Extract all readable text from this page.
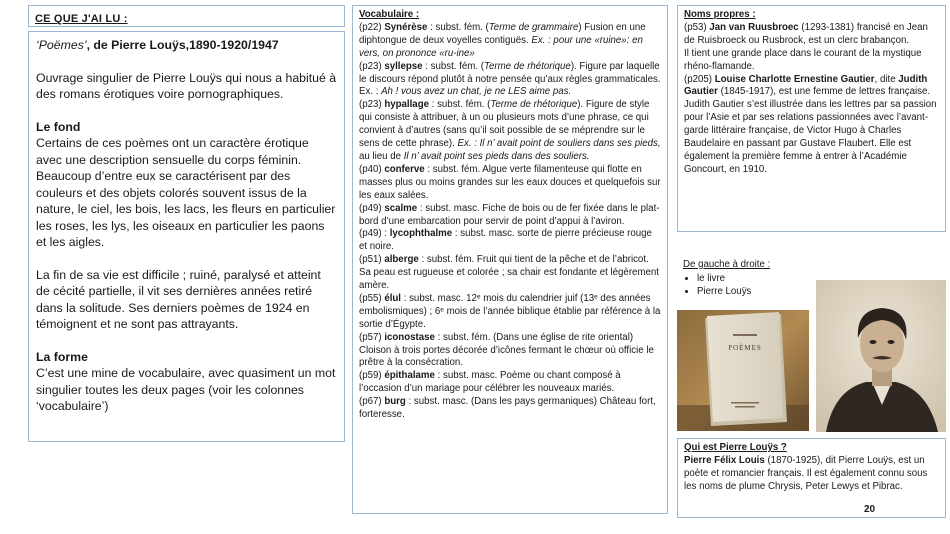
CE QUE J'AI LU :

‘Poëmes’, de Pierre Louÿs,1890-1920/1947

Ouvrage singulier de Pierre Louÿs qui nous a habitué à des romans érotiques voire pornographiques.

Le fond

Certains de ces poèmes ont un caractère érotique avec une description sensuelle du corps féminin. Beaucoup d’entre eux se caractérisent par des couleurs et des objets colorés souvent issus de la nature, le ciel, les bois, les lacs, les fleurs en particulier les roses, les lys, les oiseaux en particulier les paons et les aigles.

La fin de sa vie est difficile ; ruiné, paralysé et atteint de cécité partielle, il vit ses dernières années retiré dans la solitude. Ses derniers poèmes de 1924 en témoignent et ne sont pas attrayants.

La forme

C’est une mine de vocabulaire, avec quasiment un mot singulier toutes les deux pages (voir les colonnes ‘vocabulaire’)

Vocabulaire :

(p22) Synérèse : subst. fém. (Terme de grammaire) Fusion en une diphtongue de deux voyelles contiguës. Ex. : pour une «ruine»: en vers, on prononce «ru-ine»

(p23) syllepse : subst. fém. (Terme de rhétorique). Figure par laquelle le discours répond plutôt à notre pensée qu’aux règles grammaticales. Ex. : Ah ! vous avez un chat, je ne LES aime pas.

(p23) hypallage : subst. fém. (Terme de rhétorique). Figure de style qui consiste à attribuer, à un ou plusieurs mots d’une phrase, ce qui convient à d’autres (sans qu’il soit possible de se méprendre sur le sens de cette phrase). Ex. : Il n’ avait point de souliers dans ses pieds, au lieu de Il n’ avait point ses pieds dans des souliers.

(p40) conferve : subst. fém. Algue verte filamenteuse qui flotte en masses plus ou moins grandes sur les eaux douces et quelquefois sur les eaux salées.

(p49) scalme : subst. masc. Fiche de bois ou de fer fixée dans le plat-bord d’une embarcation pour servir de point d’appui à l’aviron.

(p49) : lycophthalme : subst. masc. sorte de pierre précieuse rouge et noire.

(p51) alberge : subst. fém. Fruit qui tient de la pêche et de l’abricot. Sa peau est rugueuse et colorée ; sa chair est fondante et légèrement amère.

(p55) élul : subst. masc. 12ᵉ mois du calendrier juif (13ᵉ des années embolismiques) ; 6ᵉ mois de l’année biblique établie par référence à la sortie d’Égypte.

(p57) iconostase : subst. fém. (Dans une église de rite oriental) Cloison à trois portes décorée d’icônes fermant le chœur où officie le prêtre à la consécration.

(p59) épithalame : subst. masc. Poème ou chant composé à l’occasion d’un mariage pour célébrer les nouveaux mariés.

(p67) burg : subst. masc. (Dans les pays germaniques) Château fort, forteresse.

Noms propres :

(p53) Jan van Ruusbroec (1293-1381) francisé en Jean de Ruisbroeck ou Rusbrock, est un clerc brabançon.

Il tient une grande place dans le courant de la mystique rhéno-flamande.

(p205) Louise Charlotte Ernestine Gautier, dite Judith Gautier (1845-1917), est une femme de lettres française.

Judith Gautier s’est illustrée dans les lettres par sa passion pour l’Asie et par ses relations passionnées avec l’avant-garde littéraire française, de Victor Hugo à Charles Baudelaire en passant par Gustave Flaubert. Elle est également la première femme à entrer à l’Académie Goncourt, en 1910.

De gauche à droite :
• le livre
• Pierre Louÿs
POÈMES
Qui est Pierre Louÿs ?

Pierre Félix Louis (1870-1925), dit Pierre Louÿs, est un poète et romancier français. Il est également connu sous les noms de plume Chrysis, Peter Lewys et Pibrac.

20
